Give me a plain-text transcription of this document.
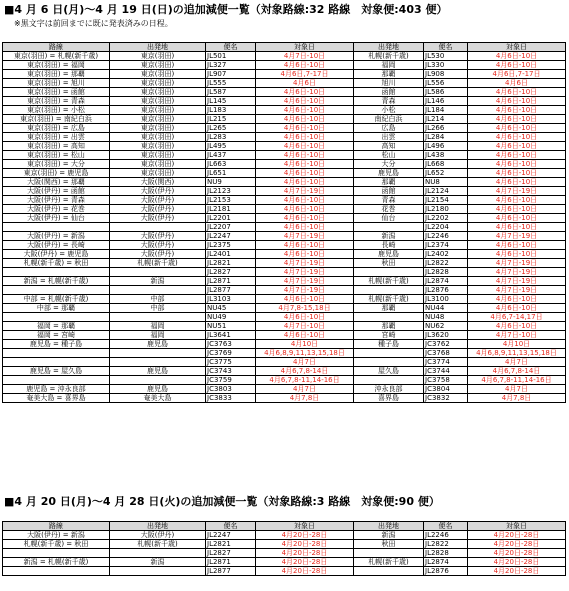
■4 月 6 日(月)～4 月 19 日(日)の追加減便一覧（対象路線:32 路線　対象便:403 便）
※黒文字は前回までに既に発表済みの日程。
路線	出発地	便名	対象日	出発地	便名	対象日
東京(羽田) = 札幌(新千歳)	東京(羽田)	JL501	4月7日-10日	札幌(新千歳)	JL530	4月6日-10日
東京(羽田) = 福岡	東京(羽田)	JL327	4月6日-10日	福岡	JL330	4月6日-10日
東京(羽田) = 那覇	東京(羽田)	JL907	4月6日,7-17日	那覇	JL908	4月6日,7-17日
東京(羽田) = 旭川	東京(羽田)	JL555	4月6日	旭川	JL556	4月6日
東京(羽田) = 函館	東京(羽田)	JL587	4月6日-10日	函館	JL586	4月6日-10日
東京(羽田) = 青森	東京(羽田)	JL145	4月6日-10日	青森	JL146	4月6日-10日
東京(羽田) = 小松	東京(羽田)	JL183	4月6日-10日	小松	JL184	4月6日-10日
東京(羽田) = 南紀白浜	東京(羽田)	JL215	4月6日-10日	南紀白浜	JL214	4月6日-10日
東京(羽田) = 広島	東京(羽田)	JL265	4月6日-10日	広島	JL266	4月6日-10日
東京(羽田) = 出雲	東京(羽田)	JL283	4月6日-10日	出雲	JL284	4月6日-10日
東京(羽田) = 高知	東京(羽田)	JL495	4月6日-10日	高知	JL496	4月6日-10日
東京(羽田) = 松山	東京(羽田)	JL437	4月6日-10日	松山	JL438	4月6日-10日
東京(羽田) = 大分	東京(羽田)	JL663	4月6日-10日	大分	JL668	4月6日-10日
東京(羽田) = 鹿児島	東京(羽田)	JL651	4月6日-10日	鹿児島	JL652	4月6日-10日
大阪(関西) = 那覇	大阪(関西)	NU9	4月6日-10日	那覇	NU8	4月6日-10日
大阪(伊丹) = 函館	大阪(伊丹)	JL2123	4月7日-19日	函館	JL2124	4月7日-19日
大阪(伊丹) = 青森	大阪(伊丹)	JL2153	4月6日-10日	青森	JL2154	4月6日-10日
大阪(伊丹) = 花巻	大阪(伊丹)	JL2181	4月6日-10日	花巻	JL2180	4月6日-10日
大阪(伊丹) = 仙台	大阪(伊丹)	JL2201	4月6日-10日	仙台	JL2202	4月6日-10日
		JL2207	4月6日-10日		JL2204	4月6日-10日
大阪(伊丹) = 新潟	大阪(伊丹)	JL2247	4月7日-19日	新潟	JL2246	4月7日-19日
大阪(伊丹) = 長崎	大阪(伊丹)	JL2375	4月6日-10日	長崎	JL2374	4月6日-10日
大阪(伊丹) = 鹿児島	大阪(伊丹)	JL2401	4月6日-10日	鹿児島	JL2402	4月6日-10日
札幌(新千歳) = 秋田	札幌(新千歳)	JL2821	4月7日-19日	秋田	JL2822	4月7日-19日
		JL2827	4月7日-19日		JL2828	4月7日-19日
新潟 = 札幌(新千歳)	新潟	JL2871	4月7日-19日	札幌(新千歳)	JL2874	4月7日-19日
		JL2877	4月7日-19日		JL2876	4月7日-19日
中部 = 札幌(新千歳)	中部	JL3103	4月6日-10日	札幌(新千歳)	JL3100	4月6日-10日
中部 = 那覇	中部	NU45	4月7,8-15,18日	那覇	NU44	4月6日-10日
		NU49	4月6日-10日		NU48	4月6,7-14,17日
福岡 = 那覇	福岡	NU51	4月7日-10日	那覇	NU62	4月6日-10日
福岡 = 宮崎	福岡	JL3641	4月6日-10日	宮崎	JL3620	4月7日-10日
鹿児島 = 種子島	鹿児島	JC3763	4月10日	種子島	JC3762	4月10日
		JC3769	4月6,8,9,11,13,15,18日		JC3768	4月6,8,9,11,13,15,18日
		JC3775	4月7日		JC3774	4月7日
鹿児島 = 屋久島	鹿児島	JC3743	4月6,7,8-14日	屋久島	JC3744	4月6,7,8-14日
		JC3759	4月6,7,8-11,14-16日		JC3758	4月6,7,8-11,14-16日
鹿児島 = 沖永良部	鹿児島	JC3803	4月7日	沖永良部	JC3804	4月7日
奄美大島 = 喜界島	奄美大島	JC3833	4月7,8日	喜界島	JC3832	4月7,8日
■4 月 20 日(月)～4 月 28 日(火)の追加減便一覧（対象路線:3 路線　対象便:90 便）
路線	出発地	便名	対象日	出発地	便名	対象日
大阪(伊丹) = 新潟	大阪(伊丹)	JL2247	4月20日-28日	新潟	JL2246	4月20日-28日
札幌(新千歳) = 秋田	札幌(新千歳)	JL2821	4月20日-28日	秋田	JL2822	4月20日-28日
		JL2827	4月20日-28日		JL2828	4月20日-28日
新潟 = 札幌(新千歳)	新潟	JL2871	4月20日-28日	札幌(新千歳)	JL2874	4月20日-28日
		JL2877	4月20日-28日		JL2876	4月20日-28日
